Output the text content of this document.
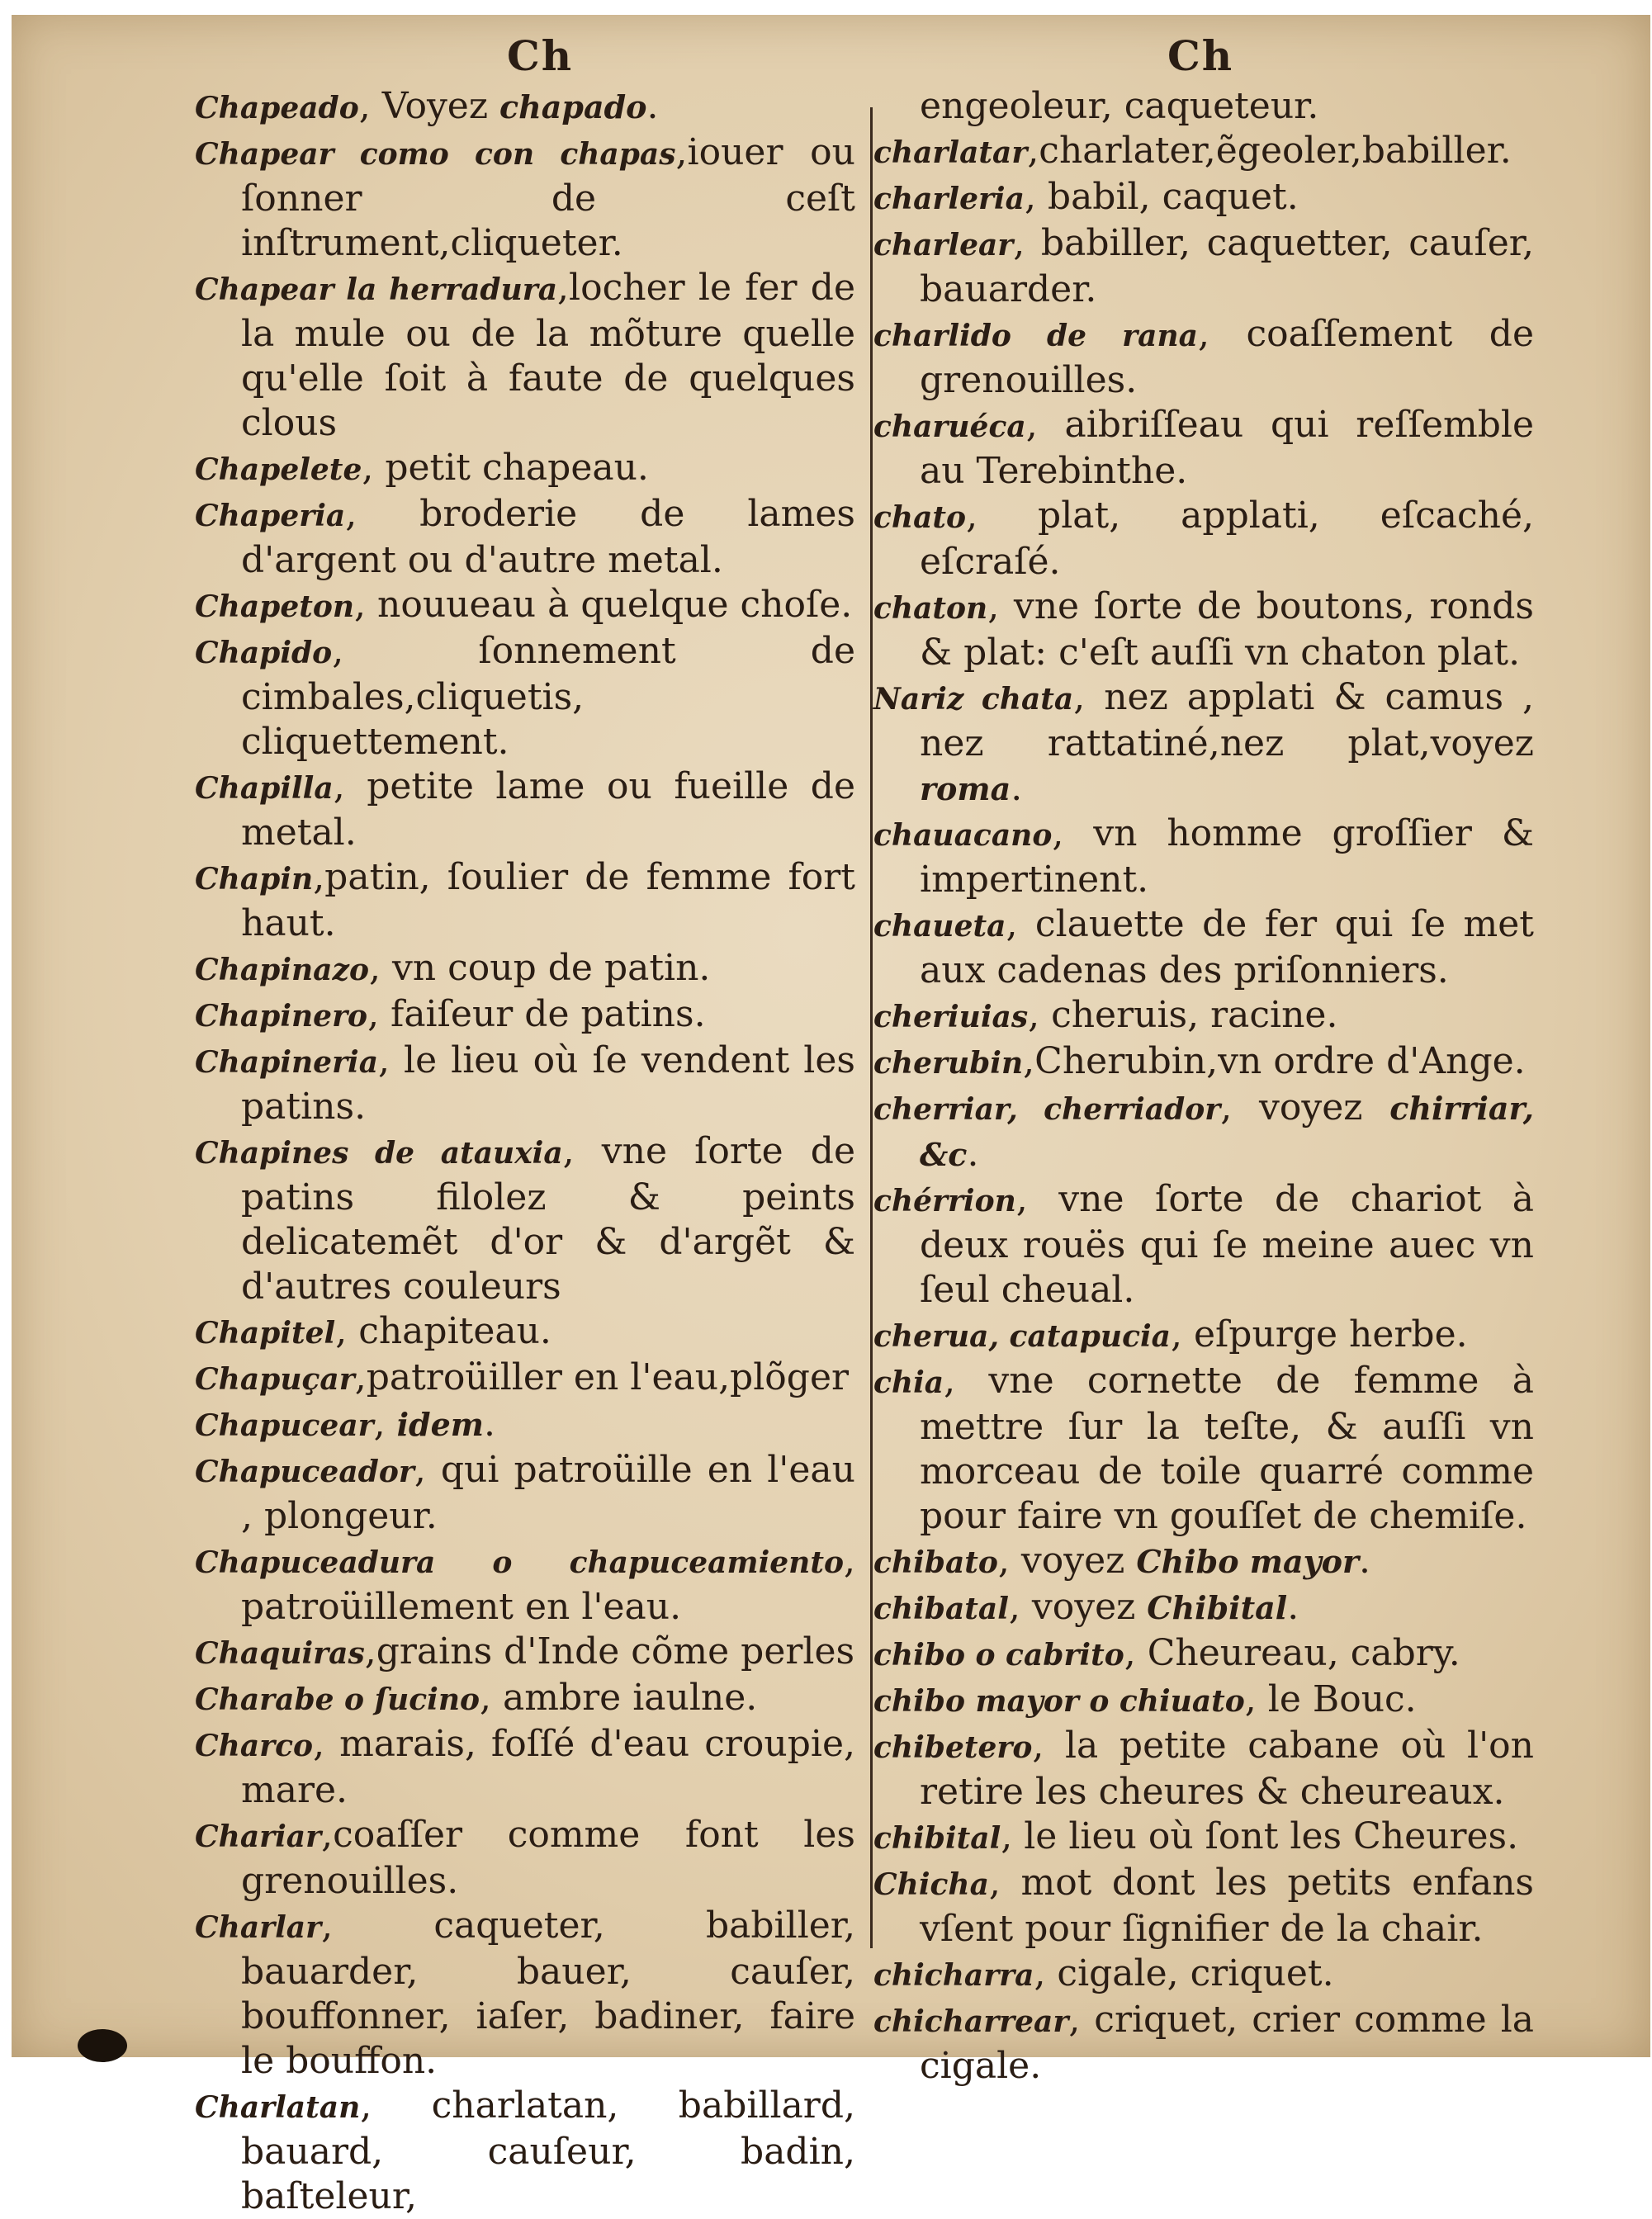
Ch	Ch
Chapeado, Voyez chapado.
Chapear como con chapas,iouer ou ſonner de ceſt inſtrument,cliqueter.
Chapear la herradura,locher le fer de la mule ou de la mõture quelle qu'elle ſoit à faute de quelques clous
Chapelete, petit chapeau.
Chaperia, broderie de lames d'argent ou d'autre metal.
Chapeton, nouueau à quelque choſe.
Chapido, ſonnement de cimbales,cliquetis, cliquettement.
Chapilla, petite lame ou fueille de metal.
Chapin,patin, ſoulier de femme fort haut.
Chapinazo, vn coup de patin.
Chapinero, faiſeur de patins.
Chapineria, le lieu où ſe vendent les patins.
Chapines de atauxia, vne ſorte de patins filolez & peints delicatemẽt d'or & d'argẽt & d'autres couleurs
Chapitel, chapiteau.
Chapuçar,patroüiller en l'eau,plõger
Chapucear, idem.
Chapuceador, qui patroüille en l'eau , plongeur.
Chapuceadura o chapuceamiento, patroüillement en l'eau.
Chaquiras,grains d'Inde cõme perles
Charabe o ſucino, ambre iaulne.
Charco, marais, foſſé d'eau croupie, mare.
Chariar,coaſſer comme font les grenouilles.
Charlar, caqueter, babiller, bauarder, bauer, cauſer, bouffonner, iaſer, badiner, faire le bouffon.
Charlatan, charlatan, babillard, bauard, cauſeur, badin, baſteleur,
engeoleur, caqueteur.
charlatar,charlater,ẽgeoler,babiller.
charleria, babil, caquet.
charlear, babiller, caquetter, cauſer, bauarder.
charlido de rana, coaſſement de grenouilles.
charuéca, aibriſſeau qui reſſemble au Terebinthe.
chato, plat, applati, eſcaché, eſcraſé.
chaton, vne ſorte de boutons, ronds & plat: c'eſt auſſi vn chaton plat.
Nariz chata, nez applati & camus , nez rattatiné,nez plat,voyez roma.
chauacano, vn homme groſſier & impertinent.
chaueta, clauette de fer qui ſe met aux cadenas des priſonniers.
cheriuias, cheruis, racine.
cherubin,Cherubin,vn ordre d'Ange.
cherriar, cherriador, voyez chirriar, &c.
chérrion, vne ſorte de chariot à deux rouës qui ſe meine auec vn ſeul cheual.
cherua, catapucia, eſpurge herbe.
chia, vne cornette de femme à mettre ſur la teſte, & auſſi vn morceau de toile quarré comme pour faire vn gouſſet de chemiſe.
chibato, voyez Chibo mayor.
chibatal, voyez Chibital.
chibo o cabrito, Cheureau, cabry.
chibo mayor o chiuato, le Bouc.
chibetero, la petite cabane où l'on retire les cheures & cheureaux.
chibital, le lieu où ſont les Cheures.
Chicha, mot dont les petits enfans vſent pour ſignifier de la chair.
chicharra, cigale, criquet.
chicharrear, criquet, crier comme la cigale.
